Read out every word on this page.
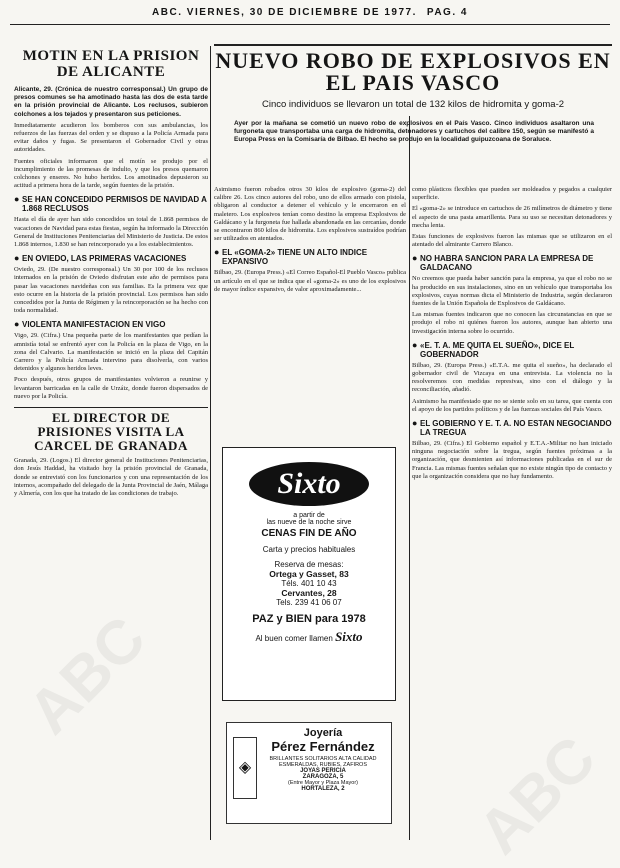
ABC
ABC
ABC. VIERNES, 30 DE DICIEMBRE DE 1977. PAG. 4
MOTIN EN LA PRISION DE ALICANTE

Alicante, 29. (Crónica de nuestro corresponsal.) Un grupo de presos comunes se ha amotinado hasta las dos de esta tarde en la prisión provincial de Alicante. Los reclusos, subieron colchones a los tejados y presentaron sus peticiones.

Inmediatamente acudieron los bomberos con sus ambulancias, los refuerzos de las fuerzas del orden y se dispuso a la Policía Armada para evitar daños y fugas. Se presentaron el Gobernador Civil y otras autoridades.

Fuentes oficiales informaron que el motín se produjo por el incumplimiento de las promesas de indulto, y que los presos quemaron colchones y enseres. No hubo heridos. Los amotinados depusieron su actitud a primera hora de la tarde, según fuentes de la prisión.

● SE HAN CONCEDIDO PERMISOS DE NAVIDAD A 1.868 RECLUSOS

Hasta el día de ayer han sido concedidos un total de 1.868 permisos de vacaciones de Navidad para estas fiestas, según ha informado la Dirección General de Instituciones Penitenciarias del Ministerio de Justicia. De estos 1.868 internos, 1.830 se han reincorporado ya a los establecimientos.

● EN OVIEDO, LAS PRIMERAS VACACIONES

Oviedo, 29. (De nuestro corresponsal.) Un 30 por 100 de los reclusos internados en la prisión de Oviedo disfrutan este año de permisos para pasar las vacaciones navideñas con sus familias. Es la primera vez que esto ocurre en la historia de la prisión provincial. Los permisos han sido concedidos por la Junta de Régimen y la reincorporación se ha hecho con toda normalidad.

● VIOLENTA MANIFESTACION EN VIGO

Vigo, 29. (Cifra.) Una pequeña parte de los manifestantes que pedían la amnistía total se enfrentó ayer con la Policía en la plaza de Vigo, en la zona del Calvario. La manifestación se inició en la plaza del Capitán Carrero y la Policía Armada intervino para disolverla, con varios detenidos y algunos heridos leves.

Poco después, otros grupos de manifestantes volvieron a reunirse y levantaron barricadas en la calle de Urzáiz, donde fueron dispersados de nuevo por la Policía.

EL DIRECTOR DE PRISIONES VISITA LA CARCEL DE GRANADA

Granada, 29. (Logos.) El director general de Instituciones Penitenciarias, don Jesús Haddad, ha visitado hoy la prisión provincial de Granada, donde se entrevistó con los funcionarios y con una representación de los internos, acompañado del delegado de la Junta Provincial de Jaén, Málaga y Almería, con los que ha tratado de las condiciones de trabajo.

NUEVO ROBO DE EXPLOSIVOS EN EL PAIS VASCO
Cinco individuos se llevaron un total de 132 kilos de hidromita y goma-2
Ayer por la mañana se cometió un nuevo robo de explosivos en el País Vasco. Cinco individuos asaltaron una furgoneta que transportaba una carga de hidromita, detonadores y cartuchos del calibre 150, según se manifestó a Europa Press en la Comisaría de Bilbao. El hecho se produjo en la localidad guipuzcoana de Soraluce.

Asimismo fueron robados otros 30 kilos de explosivo (goma-2) del calibre 26. Los cinco autores del robo, uno de ellos armado con pistola, obligaron al conductor a detener el vehículo y le encerraron en el maletero. Los explosivos tenían como destino la empresa Explosivos de Galdácano y la furgoneta fue hallada abandonada en las cercanías, donde se encontraron 860 kilos de hidromita. Los explosivos sustraídos podrían ser utilizados en atentados.

● EL «GOMA-2» TIENE UN ALTO INDICE EXPANSIVO

Bilbao, 29. (Europa Press.) «El Correo Español-El Pueblo Vasco» publica un artículo en el que se indica que el «goma-2» es uno de los explosivos de mayor índice expansivo, de valor aproximadamente...

Sixto
a partir de
las nueve de la noche sirve
CENAS FIN DE AÑO
Carta y precios habituales
Reserva de mesas:
Ortega y Gasset, 83
Téls. 401 10 43
Cervantes, 28
Tels. 239 41 06 07
PAZ y BIEN para 1978
Al buen comer llamen Sixto
◈
Joyería
Pérez Fernández
BRILLANTES SOLITARIOS ALTA CALIDAD
ESMERALDAS, RUBIES, ZAFIROS
JOYAS PERICIA
ZARAGOZA, 5
(Entre Mayor y Plaza Mayor)
HORTALEZA, 2

como plásticos flexibles que pueden ser moldeados y pegados a cualquier superficie.

El «goma-2» se introduce en cartuchos de 26 milímetros de diámetro y tiene el aspecto de una pasta amarillenta. Para su uso se necesitan detonadores y mecha lenta.

Estas funciones de explosivos fueron las mismas que se utilizaron en el atentado del almirante Carrero Blanco.

● NO HABRA SANCION PARA LA EMPRESA DE GALDACANO

No creemos que pueda haber sanción para la empresa, ya que el robo no se ha producido en sus instalaciones, sino en un vehículo que transportaba los explosivos, cuyas normas dicta el Ministerio de Industria, según declararon fuentes de la Unión Española de Explosivos de Galdácano.

Las mismas fuentes indicaron que no conocen las circunstancias en que se produjo el robo ni quiénes fueron los autores, aunque han abierto una investigación interna sobre lo ocurrido.

● «E. T. A. ME QUITA EL SUEÑO», DICE EL GOBERNADOR

Bilbao, 29. (Europa Press.) «E.T.A. me quita el sueño», ha declarado el gobernador civil de Vizcaya en una entrevista. La violencia no la resolveremos con medidas represivas, sino con el diálogo y la reconciliación, añadió.

Asimismo ha manifestado que no se siente solo en su tarea, que cuenta con el apoyo de los partidos políticos y de las fuerzas sociales del País Vasco.

● EL GOBIERNO Y E. T. A. NO ESTAN NEGOCIANDO LA TREGUA

Bilbao, 29. (Cifra.) El Gobierno español y E.T.A.-Militar no han iniciado ninguna negociación sobre la tregua, según fuentes próximas a la organización, que desmienten así informaciones publicadas en el sur de Francia. Las mismas fuentes señalan que no existe ningún tipo de contacto y que la organización considera que no hay fundamento.
